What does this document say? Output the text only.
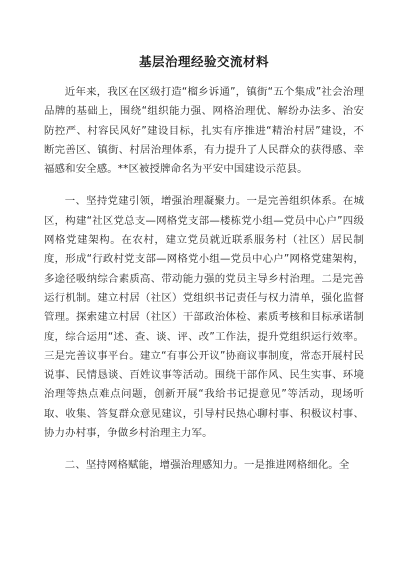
基层治理经验交流材料

近年来，我区在区级打造“榴乡诉通”，镇街“五个集成”社会治理品牌的基础上，围绕“组织能力强、网格治理优、解纷办法多、治安防控严、村容民风好”建设目标，扎实有序推进“精治村居”建设，不断完善区、镇街、村居治理体系，有力提升了人民群众的获得感、幸福感和安全感。**区被授牌命名为平安中国建设示范县。

一、坚持党建引领，增强治理凝聚力。一是完善组织体系。在城区，构建“社区党总支—网格党支部—楼栋党小组—党员中心户”四级网格党建架构。在农村，建立党员就近联系服务村（社区）居民制度，形成“行政村党支部—网格党小组—党员中心户”网格党建架构，多途径吸纳综合素质高、带动能力强的党员主导乡村治理。二是完善运行机制。建立村居（社区）党组织书记责任与权力清单，强化监督管理。探索建立村居（社区）干部政治体检、素质考核和目标承诺制度，综合运用“述、查、谈、评、改”工作法，提升党组织运行效率。三是完善议事平台。建立“有事公开议”协商议事制度，常态开展村民说事、民情恳谈、百姓议事等活动。围绕干部作风、民生实事、环境治理等热点难点问题，创新开展“我给书记提意见”等活动，现场听取、收集、答复群众意见建议，引导村民热心聊村事、积极议村事、协力办村事，争做乡村治理主力军。

二、坚持网格赋能，增强治理感知力。一是推进网格细化。全
